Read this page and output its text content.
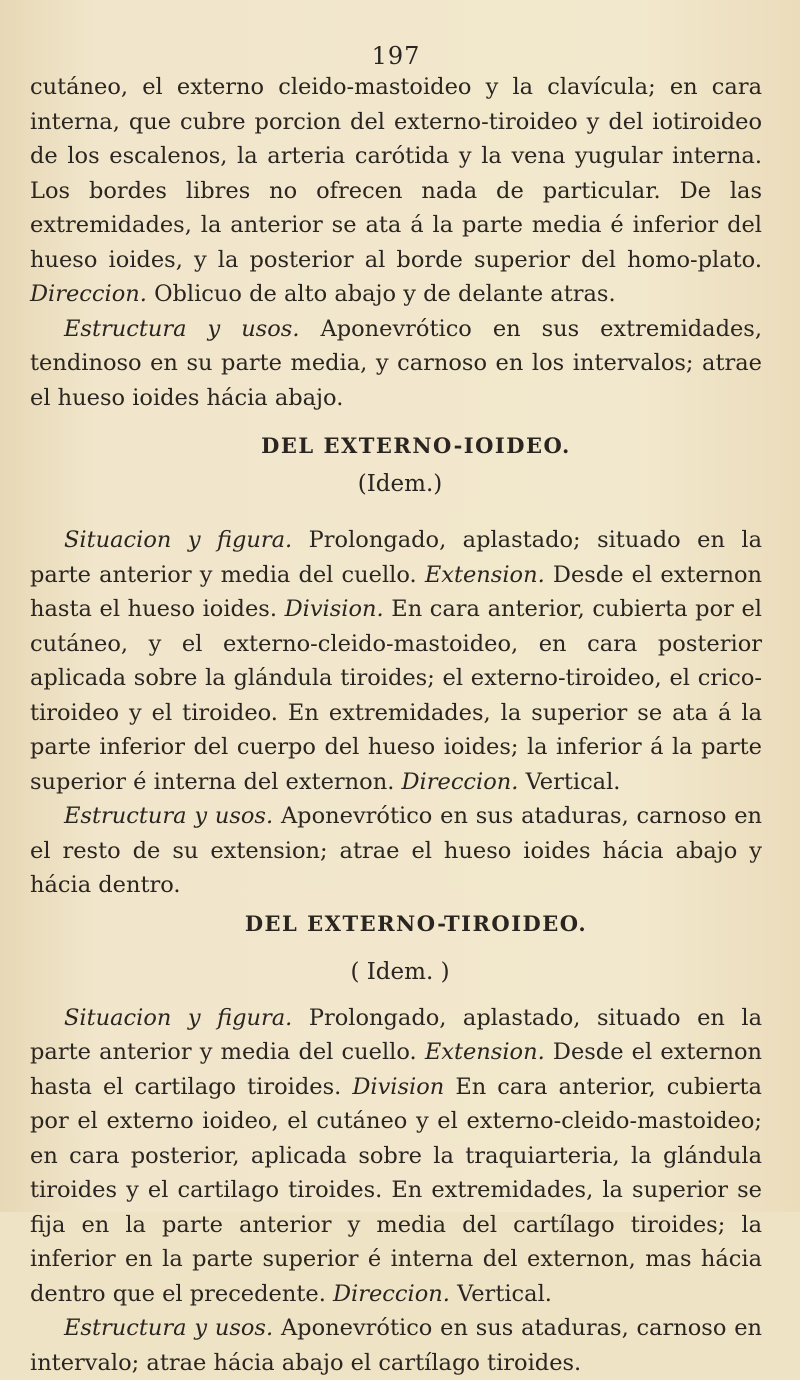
197

cutáneo, el externo cleido-mastoideo y la clavícula; en cara interna, que cubre porcion del externo-tiroideo y del iotiroideo de los escalenos, la arteria carótida y la vena yugular interna. Los bordes libres no ofrecen nada de particular. De las extremidades, la anterior se ata á la parte media é inferior del hueso ioides, y la posterior al borde superior del homo-plato. Direccion. Oblicuo de alto abajo y de delante atras.

Estructura y usos. Aponevrótico en sus extremidades, tendinoso en su parte media, y carnoso en los intervalos; atrae el hueso ioides hácia abajo.

DEL EXTERNO-IOIDEO.
(Idem.)

Situacion y figura. Prolongado, aplastado; situado en la parte anterior y media del cuello. Extension. Desde el externon hasta el hueso ioides. Division. En cara anterior, cubierta por el cutáneo, y el externo-cleido-mastoideo, en cara posterior aplicada sobre la glándula tiroides; el externo-tiroideo, el crico-tiroideo y el tiroideo. En extremidades, la superior se ata á la parte inferior del cuerpo del hueso ioides; la inferior á la parte superior é interna del externon. Direccion. Vertical.

Estructura y usos. Aponevrótico en sus ataduras, carnoso en el resto de su extension; atrae el hueso ioides hácia abajo y hácia dentro.

DEL EXTERNO-TIROIDEO.
( Idem. )

Situacion y figura. Prolongado, aplastado, situado en la parte anterior y media del cuello. Extension. Desde el externon hasta el cartilago tiroides. Division En cara anterior, cubierta por el externo ioideo, el cutáneo y el externo-cleido-mastoideo; en cara posterior, aplicada sobre la traquiarteria, la glándula tiroides y el cartilago tiroides. En extremidades, la superior se fija en la parte anterior y media del cartílago tiroides; la inferior en la parte superior é interna del externon, mas hácia dentro que el precedente. Direccion. Vertical.

Estructura y usos. Aponevrótico en sus ataduras, carnoso en intervalo; atrae hácia abajo el cartílago tiroides.
